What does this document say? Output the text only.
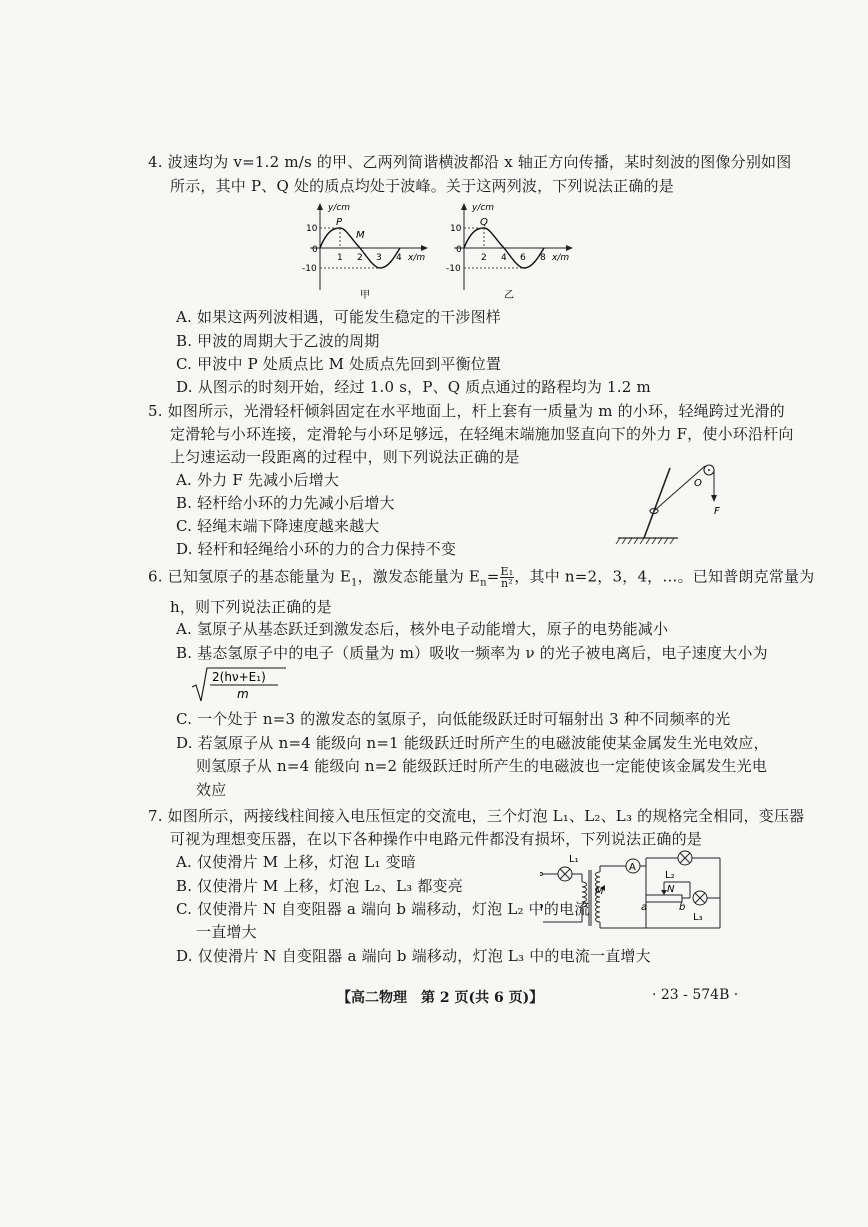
4. 波速均为 v=1.2 m/s 的甲、乙两列简谐横波都沿 x 轴正方向传播，某时刻波的图像分别如图
所示，其中 P、Q 处的质点均处于波峰。关于这两列波，下列说法正确的是
y/cm
P
M
10
0
-10
1 2 3 4 x/m
甲
y/cm
Q
10
0
-10
2 4 6 8 x/m
乙
A. 如果这两列波相遇，可能发生稳定的干涉图样
B. 甲波的周期大于乙波的周期
C. 甲波中 P 处质点比 M 处质点先回到平衡位置
D. 从图示的时刻开始，经过 1.0 s，P、Q 质点通过的路程均为 1.2 m
5. 如图所示，光滑轻杆倾斜固定在水平地面上，杆上套有一质量为 m 的小环，轻绳跨过光滑的
定滑轮与小环连接，定滑轮与小环足够远，在轻绳末端施加竖直向下的外力 F，使小环沿杆向
上匀速运动一段距离的过程中，则下列说法正确的是
A. 外力 F 先减小后增大
B. 轻杆给小环的力先减小后增大
C. 轻绳末端下降速度越来越大
D. 轻杆和轻绳给小环的力的合力保持不变
O
F
6. 已知氢原子的基态能量为 $E_1$，激发态能量为 $E_n= \frac{\text{E₁}}{\text{n²}}$ ，其中 n=2，3，4，…。已知普朗克常量为
h，则下列说法正确的是
A. 氢原子从基态跃迁到激发态后，核外电子动能增大，原子的电势能减小
B. 基态氢原子中的电子（质量为 m）吸收一频率为 ν 的光子被电离后，电子速度大小为
2(hν+E₁)
m
C. 一个处于 n=3 的激发态的氢原子，向低能级跃迁时可辐射出 3 种不同频率的光
D. 若氢原子从 n=4 能级向 n=1 能级跃迁时所产生的电磁波能使某金属发生光电效应，
则氢原子从 n=4 能级向 n=2 能级跃迁时所产生的电磁波也一定能使该金属发生光电
效应
7. 如图所示，两接线柱间接入电压恒定的交流电，三个灯泡 L₁、L₂、L₃ 的规格完全相同，变压器
可视为理想变压器，在以下各种操作中电路元件都没有损坏，下列说法正确的是
A. 仅使滑片 M 上移，灯泡 L₁ 变暗
B. 仅使滑片 M 上移，灯泡 L₂、L₃ 都变亮
C. 仅使滑片 N 自变阻器 a 端向 b 端移动，灯泡 L₂ 中的电流
一直增大
D. 仅使滑片 N 自变阻器 a 端向 b 端移动，灯泡 L₃ 中的电流一直增大
L₁
M
A
L₂
N
a	b
L₃
【高二物理　第 2 页(共 6 页)】	· 23 - 574B ·
